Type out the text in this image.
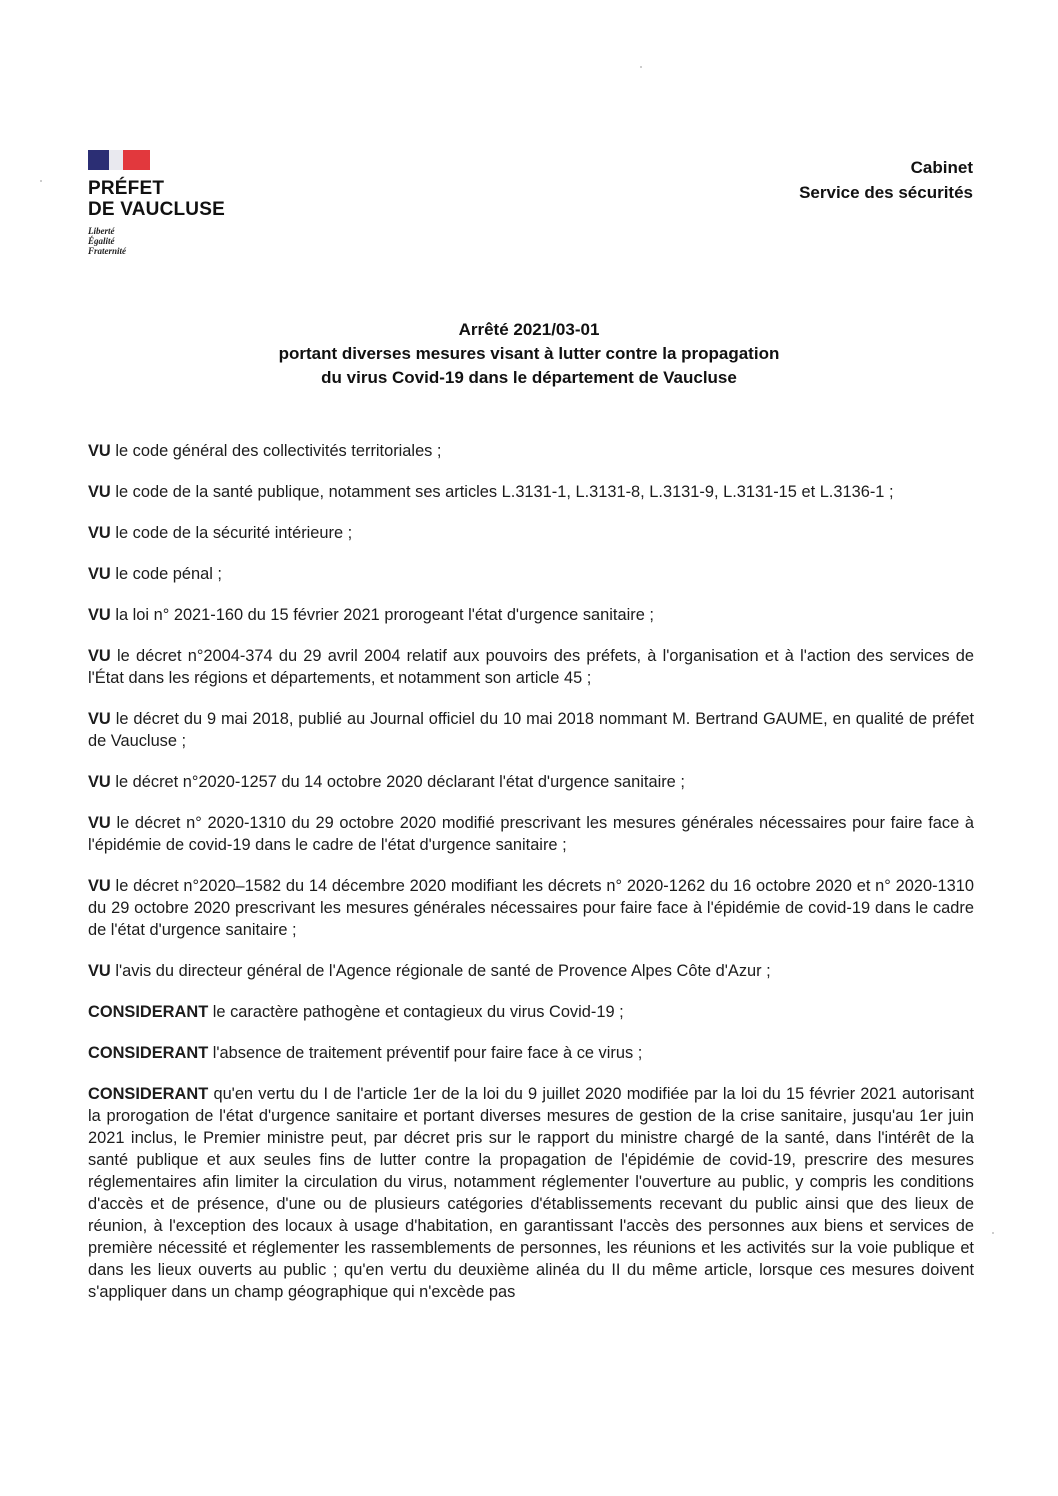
PRÉFET
DE VAUCLUSE
Liberté
Égalité
Fraternité
Cabinet
Service des sécurités
Arrêté 2021/03-01
portant diverses mesures visant à lutter contre la propagation
du virus Covid-19 dans le département de Vaucluse

VU le code général des collectivités territoriales ;

VU le code de la santé publique, notamment ses articles L.3131-1, L.3131-8, L.3131-9, L.3131-15 et L.3136-1 ;

VU le code de la sécurité intérieure ;

VU le code pénal ;

VU la loi n° 2021-160 du 15 février 2021 prorogeant l'état d'urgence sanitaire ;

VU le décret n°2004-374 du 29 avril 2004 relatif aux pouvoirs des préfets, à l'organisation et à l'action des services de l'État dans les régions et départements, et notamment son article 45 ;

VU le décret du 9 mai 2018, publié au Journal officiel du 10 mai 2018 nommant M. Bertrand GAUME, en qualité de préfet de Vaucluse ;

VU le décret n°2020-1257 du 14 octobre 2020 déclarant l'état d'urgence sanitaire ;

VU le décret n° 2020-1310 du 29 octobre 2020 modifié prescrivant les mesures générales nécessaires pour faire face à l'épidémie de covid-19 dans le cadre de l'état d'urgence sanitaire ;

VU le décret n°2020–1582 du 14 décembre 2020 modifiant les décrets n° 2020-1262 du 16 octobre 2020 et n° 2020-1310 du 29 octobre 2020 prescrivant les mesures générales nécessaires pour faire face à l'épidémie de covid-19 dans le cadre de l'état d'urgence sanitaire ;

VU l'avis du directeur général de l'Agence régionale de santé de Provence Alpes Côte d'Azur ;

CONSIDERANT le caractère pathogène et contagieux du virus Covid-19 ;

CONSIDERANT l'absence de traitement préventif pour faire face à ce virus ;

CONSIDERANT qu'en vertu du I de l'article 1er de la loi du 9 juillet 2020 modifiée par la loi du 15 février 2021 autorisant la prorogation de l'état d'urgence sanitaire et portant diverses mesures de gestion de la crise sanitaire, jusqu'au 1er juin 2021 inclus, le Premier ministre peut, par décret pris sur le rapport du ministre chargé de la santé, dans l'intérêt de la santé publique et aux seules fins de lutter contre la propagation de l'épidémie de covid-19, prescrire des mesures réglementaires afin limiter la circulation du virus, notamment réglementer l'ouverture au public, y compris les conditions d'accès et de présence, d'une ou de plusieurs catégories d'établissements recevant du public ainsi que des lieux de réunion, à l'exception des locaux à usage d'habitation, en garantissant l'accès des personnes aux biens et services de première nécessité et réglementer les rassemblements de personnes, les réunions et les activités sur la voie publique et dans les lieux ouverts au public ; qu'en vertu du deuxième alinéa du II du même article, lorsque ces mesures doivent s'appliquer dans un champ géographique qui n'excède pas
